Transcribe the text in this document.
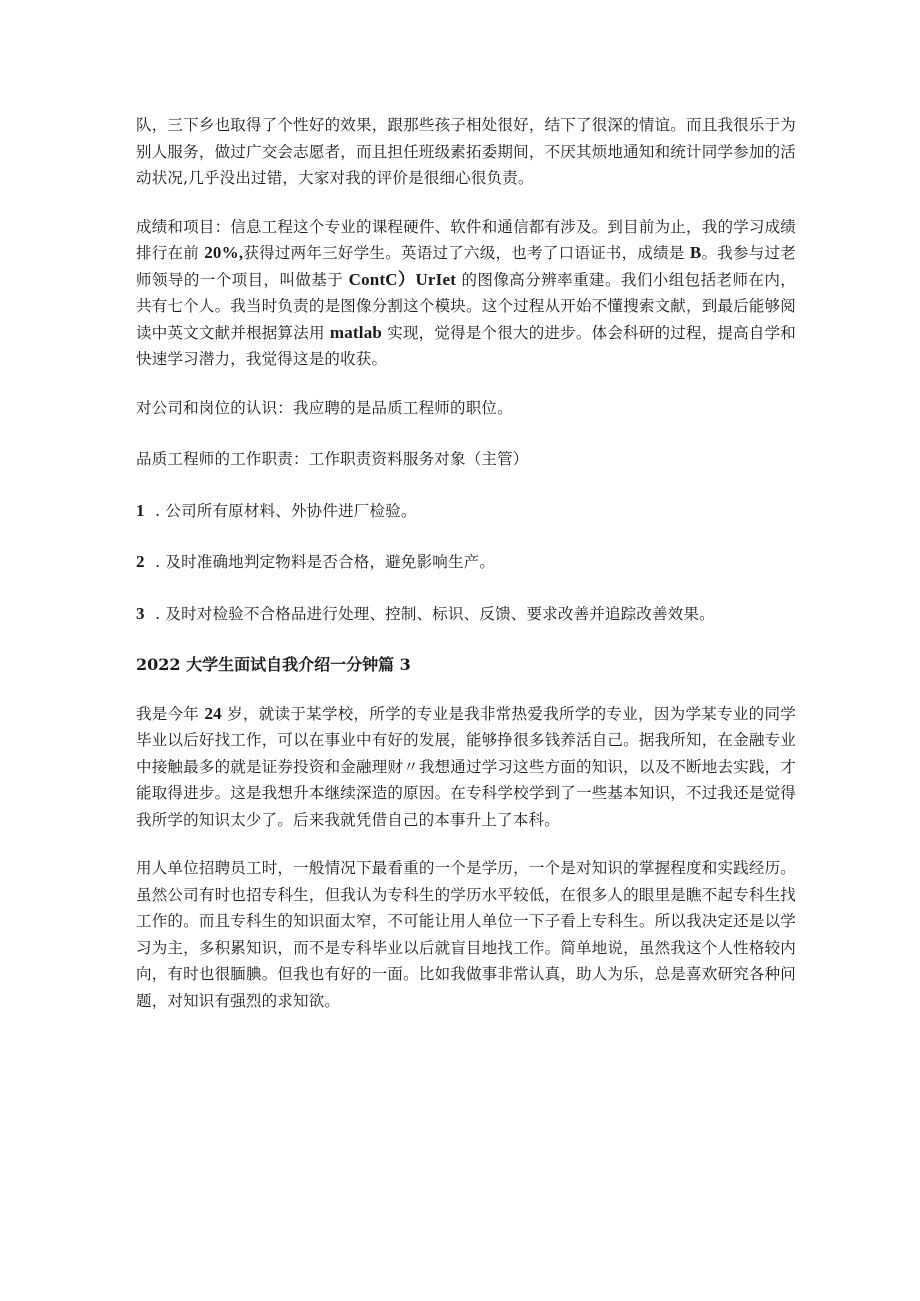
队，三下乡也取得了个性好的效果，跟那些孩子相处很好，结下了很深的情谊。而且我很乐于为别人服务，做过广交会志愿者，而且担任班级素拓委期间，不厌其烦地通知和统计同学参加的活动状况,几乎没出过错，大家对我的评价是很细心很负责。

成绩和项目：信息工程这个专业的课程硬件、软件和通信都有涉及。到目前为止，我的学习成绩排行在前 20%,获得过两年三好学生。英语过了六级，也考了口语证书，成绩是 B。我参与过老师领导的一个项目，叫做基于 ContC）UrIet 的图像高分辨率重建。我们小组包括老师在内，共有七个人。我当时负责的是图像分割这个模块。这个过程从开始不懂搜索文献，到最后能够阅读中英文文献并根据算法用 matlab 实现，觉得是个很大的进步。体会科研的过程，提高自学和快速学习潜力，我觉得这是的收获。

对公司和岗位的认识：我应聘的是品质工程师的职位。

品质工程师的工作职责：工作职责资料服务对象（主管）

1 . 公司所有原材料、外协件进厂检验。

2 . 及时准确地判定物料是否合格，避免影响生产。

3 . 及时对检验不合格品进行处理、控制、标识、反馈、要求改善并追踪改善效果。

2022 大学生面试自我介绍一分钟篇 3

我是今年 24 岁，就读于某学校，所学的专业是我非常热爱我所学的专业，因为学某专业的同学毕业以后好找工作，可以在事业中有好的发展，能够挣很多钱养活自己。据我所知，在金融专业中接触最多的就是证券投资和金融理财〃我想通过学习这些方面的知识，以及不断地去实践，才能取得进步。这是我想升本继续深造的原因。在专科学校学到了一些基本知识，不过我还是觉得我所学的知识太少了。后来我就凭借自己的本事升上了本科。

用人单位招聘员工时，一般情况下最看重的一个是学历，一个是对知识的掌握程度和实践经历。虽然公司有时也招专科生，但我认为专科生的学历水平较低，在很多人的眼里是瞧不起专科生找工作的。而且专科生的知识面太窄，不可能让用人单位一下子看上专科生。所以我决定还是以学习为主，多积累知识，而不是专科毕业以后就盲目地找工作。简单地说，虽然我这个人性格较内向，有时也很腼腆。但我也有好的一面。比如我做事非常认真，助人为乐，总是喜欢研究各种问题，对知识有强烈的求知欲。
